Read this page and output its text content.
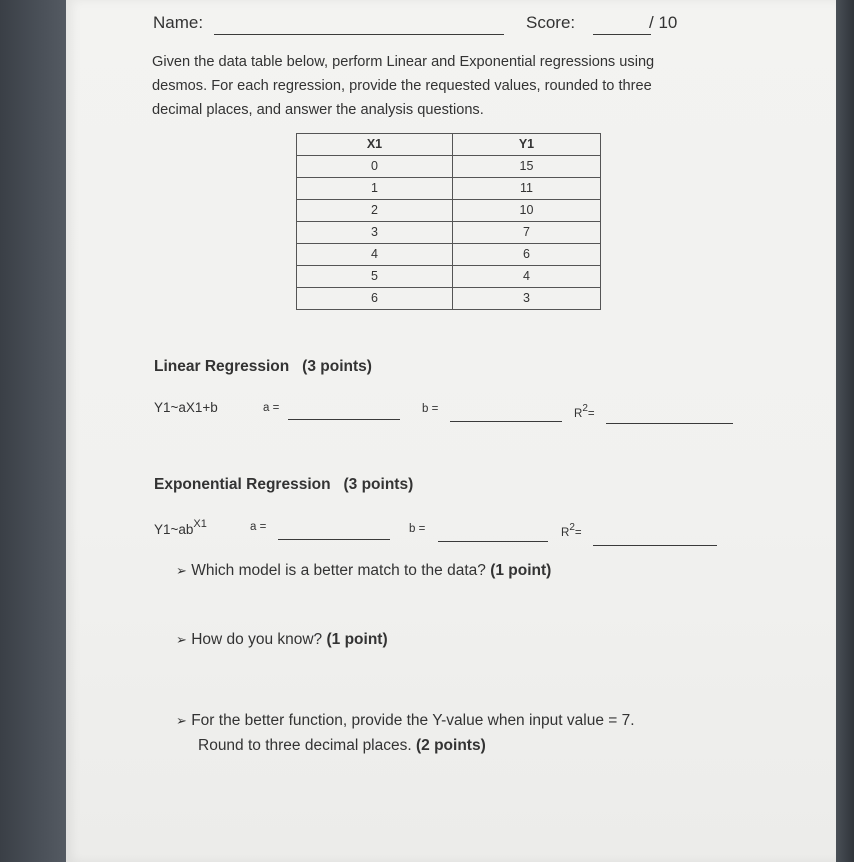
Name:	Score:	/ 10
Given the data table below, perform Linear and Exponential regressions using
desmos. For each regression, provide the requested values, rounded to three
decimal places, and answer the analysis questions.
X1	Y1
0	15
1	11
2	10
3	7
4	6
5	4
6	3
Linear Regression (3 points)
Y1~aX1+b	a =	b =	R2=
Exponential Regression (3 points)
$Y1\sim ab^{X1}$	a =	b =	R2=
➢ Which model is a better match to the data? (1 point)
➢ How do you know? (1 point)
➢ For the better function, provide the Y-value when input value = 7.
Round to three decimal places. (2 points)
